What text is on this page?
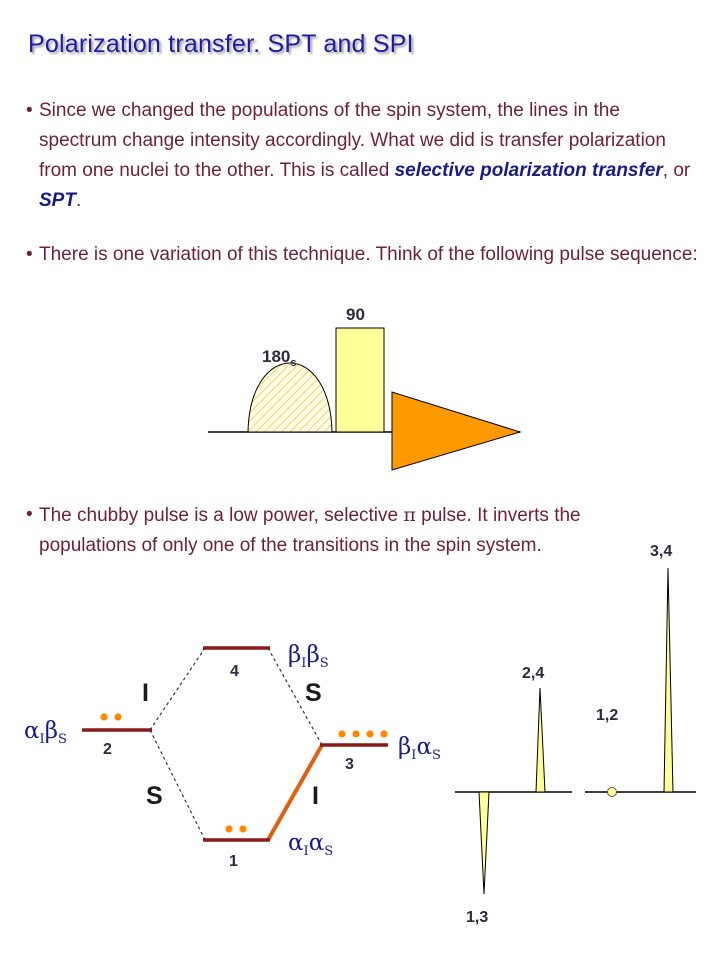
Polarization transfer. SPT and SPI
• Since we changed the populations of the spin system, the lines in the spectrum change intensity accordingly. What we did is transfer polarization from one nuclei to the other. This is called selective polarization transfer, or SPT.
• There is one variation of this technique. Think of the following pulse sequence:
• The chubby pulse is a low power, selective π pulse. It inverts the populations of only one of the transitions in the spin system.
90
$180_s$
4
2
3
1
$\beta_I\beta_S$
$\alpha_I\beta_S$	$\beta_I\alpha_S$
$\alpha_I\alpha_S$
I	S
S	I
2,4
1,3
3,4
1,2
